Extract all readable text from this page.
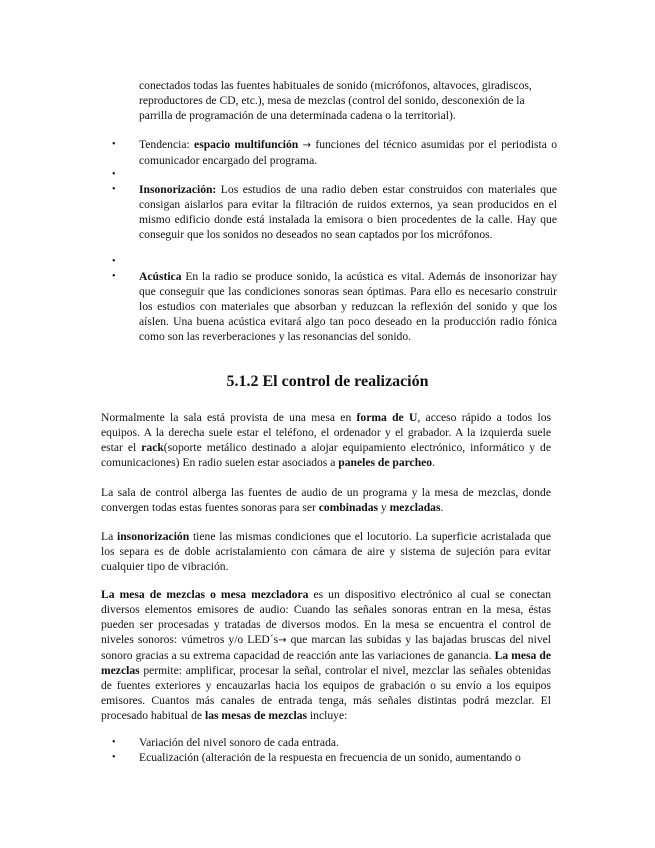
conectados todas las fuentes habituales de sonido (micrófonos, altavoces, giradiscos, reproductores de CD, etc.), mesa de mezclas (control del sonido, desconexión de la parrilla de programación de una determinada cadena o la territorial).

• Tendencia: espacio multifunción → funciones del técnico asumidas por el periodista o comunicador encargado del programa.

•
• Insonorización: Los estudios de una radio deben estar construidos con materiales que consigan aislarlos para evitar la filtración de ruidos externos, ya sean producidos en el mismo edificio donde está instalada la emisora o bien procedentes de la calle. Hay que conseguir que los sonidos no deseados no sean captados por los micrófonos.

•
• Acústica En la radio se produce sonido, la acústica es vital. Además de insonorizar hay que conseguir que las condiciones sonoras sean óptimas. Para ello es necesario construir los estudios con materiales que absorban y reduzcan la reflexión del sonido y que los aíslen. Una buena acústica evitará algo tan poco deseado en la producción radio fónica como son las reverberaciones y las resonancias del sonido.

5.1.2 El control de realización

Normalmente la sala está provista de una mesa en forma de U, acceso rápido a todos los equipos. A la derecha suele estar el teléfono, el ordenador y el grabador. A la izquierda suele estar el rack(soporte metálico destinado a alojar equipamiento electrónico, informático y de comunicaciones) En radio suelen estar asociados a paneles de parcheo.

La sala de control alberga las fuentes de audio de un programa y la mesa de mezclas, donde convergen todas estas fuentes sonoras para ser combinadas y mezcladas.

La insonorización tiene las mismas condiciones que el locutorio. La superficie acristalada que los separa es de doble acristalamiento con cámara de aire y sistema de sujeción para evitar cualquier tipo de vibración.

La mesa de mezclas o mesa mezcladora es un dispositivo electrónico al cual se conectan diversos elementos emisores de audio: Cuando las señales sonoras entran en la mesa, éstas pueden ser procesadas y tratadas de diversos modos. En la mesa se encuentra el control de niveles sonoros: vúmetros y/o LED´s→ que marcan las subidas y las bajadas bruscas del nivel sonoro gracias a su extrema capacidad de reacción ante las variaciones de ganancia. La mesa de mezclas permite: amplificar, procesar la señal, controlar el nivel, mezclar las señales obtenidas de fuentes exteriores y encauzarlas hacia los equipos de grabación o su envío a los equipos emisores. Cuantos más canales de entrada tenga, más señales distintas podrá mezclar. El procesado habitual de las mesas de mezclas incluye:

• Variación del nivel sonoro de cada entrada.

• Ecualización (alteración de la respuesta en frecuencia de un sonido, aumentando o
